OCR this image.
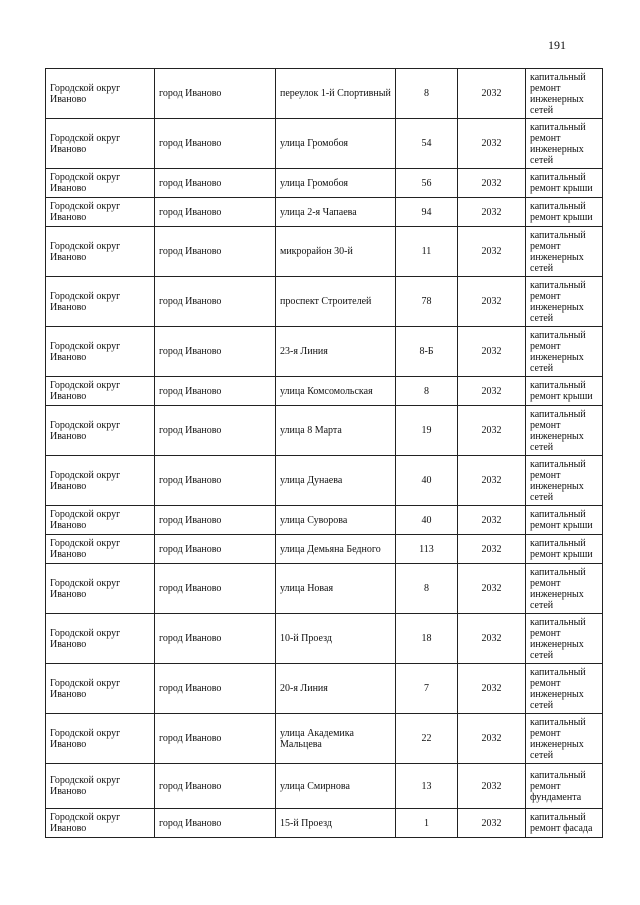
191
Городской округ Иваново	город Иваново	переулок 1-й Спортивный	8	2032	капитальный ремонт инженерных сетей
Городской округ Иваново	город Иваново	улица Громобоя	54	2032	капитальный ремонт инженерных сетей
Городской округ Иваново	город Иваново	улица Громобоя	56	2032	капитальный ремонт крыши
Городской округ Иваново	город Иваново	улица 2-я Чапаева	94	2032	капитальный ремонт крыши
Городской округ Иваново	город Иваново	микрорайон 30-й	11	2032	капитальный ремонт инженерных сетей
Городской округ Иваново	город Иваново	проспект Строителей	78	2032	капитальный ремонт инженерных сетей
Городской округ Иваново	город Иваново	23-я Линия	8-Б	2032	капитальный ремонт инженерных сетей
Городской округ Иваново	город Иваново	улица Комсомольская	8	2032	капитальный ремонт крыши
Городской округ Иваново	город Иваново	улица 8 Марта	19	2032	капитальный ремонт инженерных сетей
Городской округ Иваново	город Иваново	улица Дунаева	40	2032	капитальный ремонт инженерных сетей
Городской округ Иваново	город Иваново	улица Суворова	40	2032	капитальный ремонт крыши
Городской округ Иваново	город Иваново	улица Демьяна Бедного	113	2032	капитальный ремонт крыши
Городской округ Иваново	город Иваново	улица Новая	8	2032	капитальный ремонт инженерных сетей
Городской округ Иваново	город Иваново	10-й Проезд	18	2032	капитальный ремонт инженерных сетей
Городской округ Иваново	город Иваново	20-я Линия	7	2032	капитальный ремонт инженерных сетей
Городской округ Иваново	город Иваново	улица Академика Мальцева	22	2032	капитальный ремонт инженерных сетей
Городской округ Иваново	город Иваново	улица Смирнова	13	2032	капитальный ремонт фундамента
Городской округ Иваново	город Иваново	15-й Проезд	1	2032	капитальный ремонт фасада
